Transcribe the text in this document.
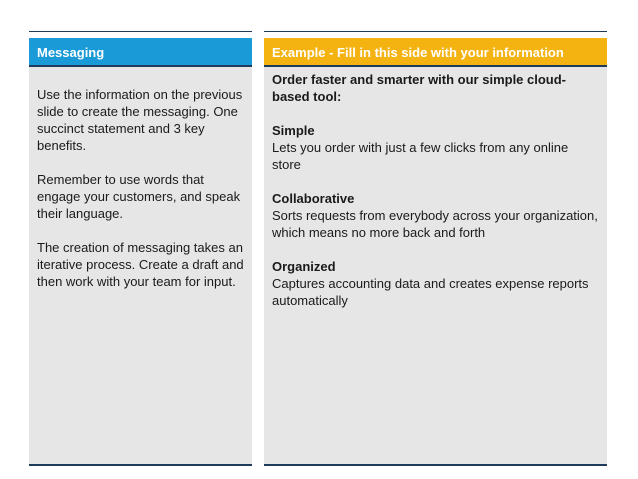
Messaging

Use the information on the previous slide to create the messaging. One succinct statement and 3 key benefits.

Remember to use words that engage your customers, and speak their language.

The creation of messaging takes an iterative process. Create a draft and then work with your team for input.

Example - Fill in this side with your information

Order faster and smarter with our simple cloud-based tool:

Simple
Lets you order with just a few clicks from any online store
Collaborative
Sorts requests from everybody across your organization, which means no more back and forth
Organized
Captures accounting data and creates expense reports automatically
